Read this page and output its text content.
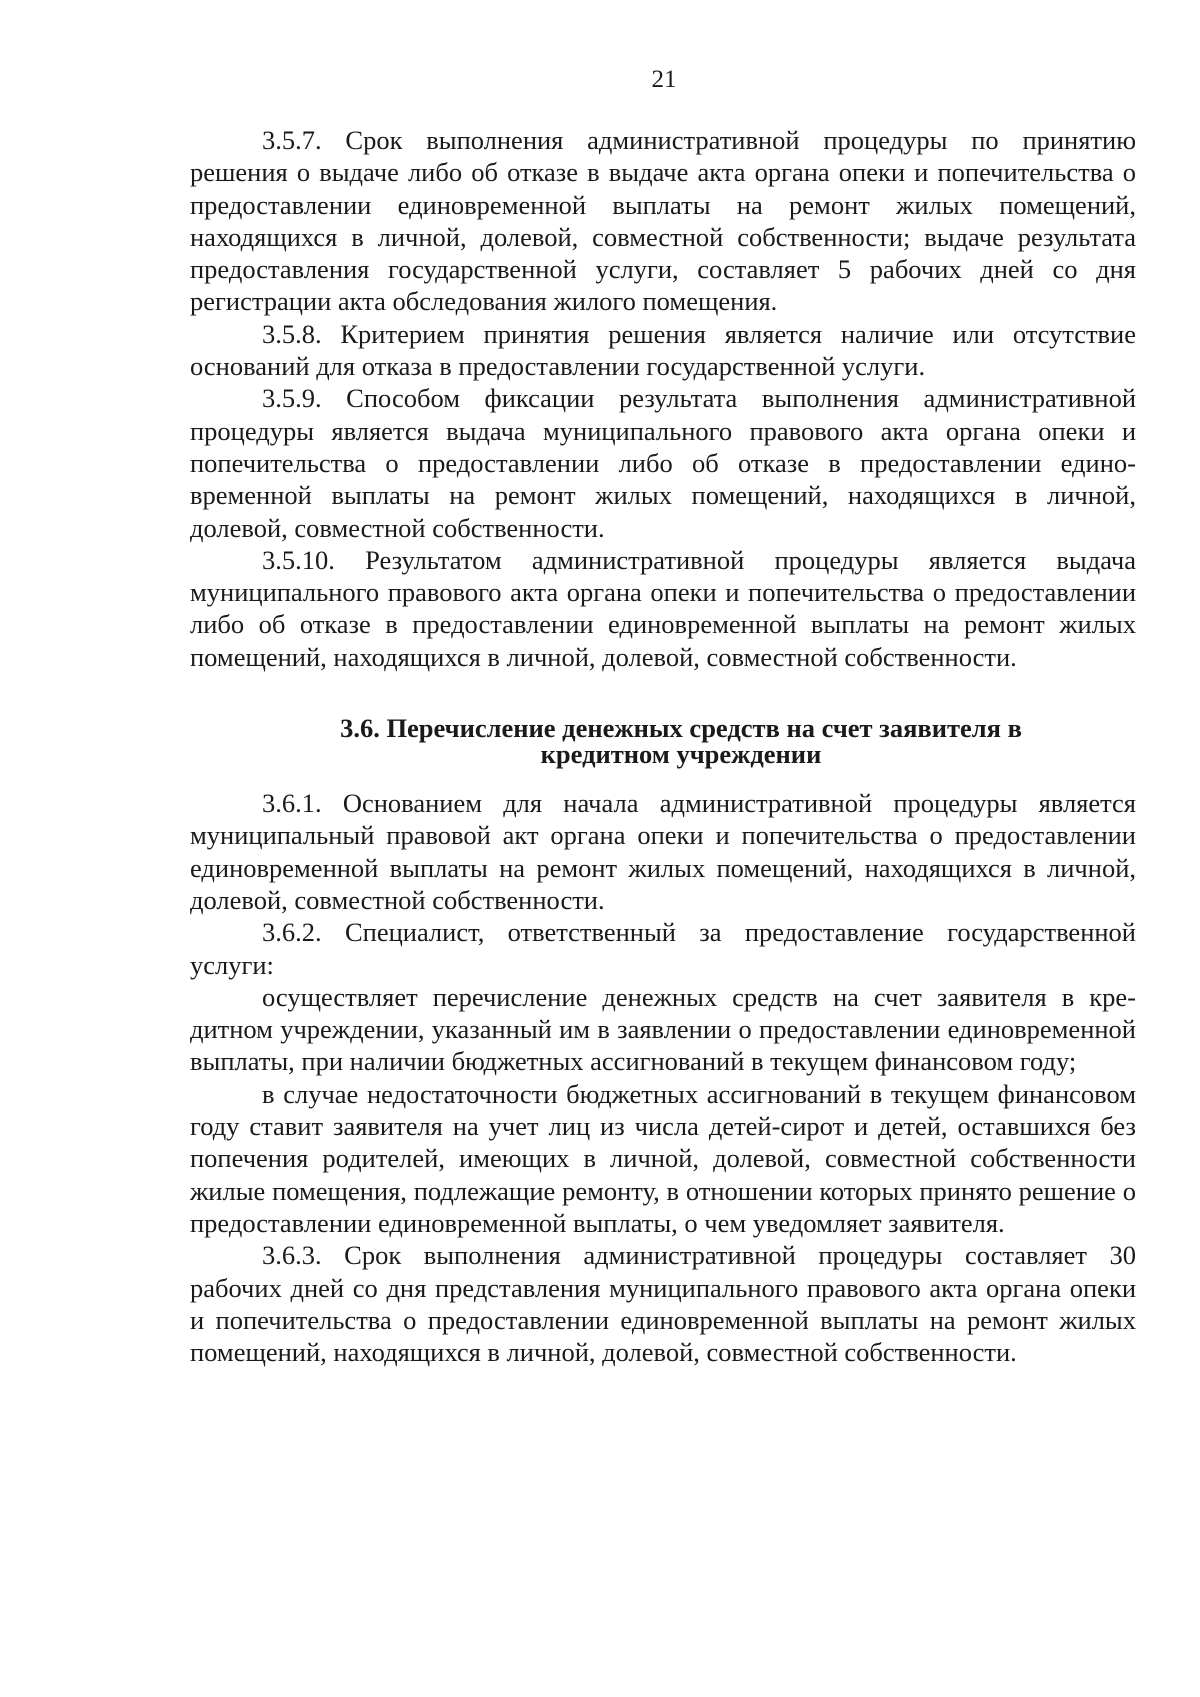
21

3.5.7. Срок выполнения административной процедуры по принятию решения о выдаче либо об отказе в выдаче акта органа опеки и попечительства о предоставлении единовременной выплаты на ремонт жилых помещений, находящихся в личной, долевой, совместной собственности; выдаче результата предоставления государственной услуги, составляет 5 рабочих дней со дня регистрации акта обследования жилого помещения.

3.5.8. Критерием принятия решения является наличие или отсутствие оснований для отказа в предоставлении государственной услуги.

3.5.9. Способом фиксации результата выполнения административной процедуры является выдача муниципального правового акта органа опеки и попечительства о предоставлении либо об отказе в предоставлении единовременной выплаты на ремонт жилых помещений, находящихся в личной, долевой, совместной собственности.

3.5.10. Результатом административной процедуры является выдача муниципального правового акта органа опеки и попечительства о предоставлении либо об отказе в предоставлении единовременной выплаты на ремонт жилых помещений, находящихся в личной, долевой, совместной собственности.

3.6. Перечисление денежных средств на счет заявителя в
кредитном учреждении

3.6.1. Основанием для начала административной процедуры является муниципальный правовой акт органа опеки и попечительства о предоставлении единовременной выплаты на ремонт жилых помещений, находящихся в личной, долевой, совместной собственности.

3.6.2. Специалист, ответственный за предоставление государственной услуги:

осуществляет перечисление денежных средств на счет заявителя в кредитном учреждении, указанный им в заявлении о предоставлении единовременной выплаты, при наличии бюджетных ассигнований в текущем финансовом году;

в случае недостаточности бюджетных ассигнований в текущем финансовом году ставит заявителя на учет лиц из числа детей-сирот и детей, оставшихся без попечения родителей, имеющих в личной, долевой, совместной собственности жилые помещения, подлежащие ремонту, в отношении которых принято решение о предоставлении единовременной выплаты, о чем уведомляет заявителя.

3.6.3. Срок выполнения административной процедуры составляет 30 рабочих дней со дня представления муниципального правового акта органа опеки и попечительства о предоставлении единовременной выплаты на ремонт жилых помещений, находящихся в личной, долевой, совместной собственности.
